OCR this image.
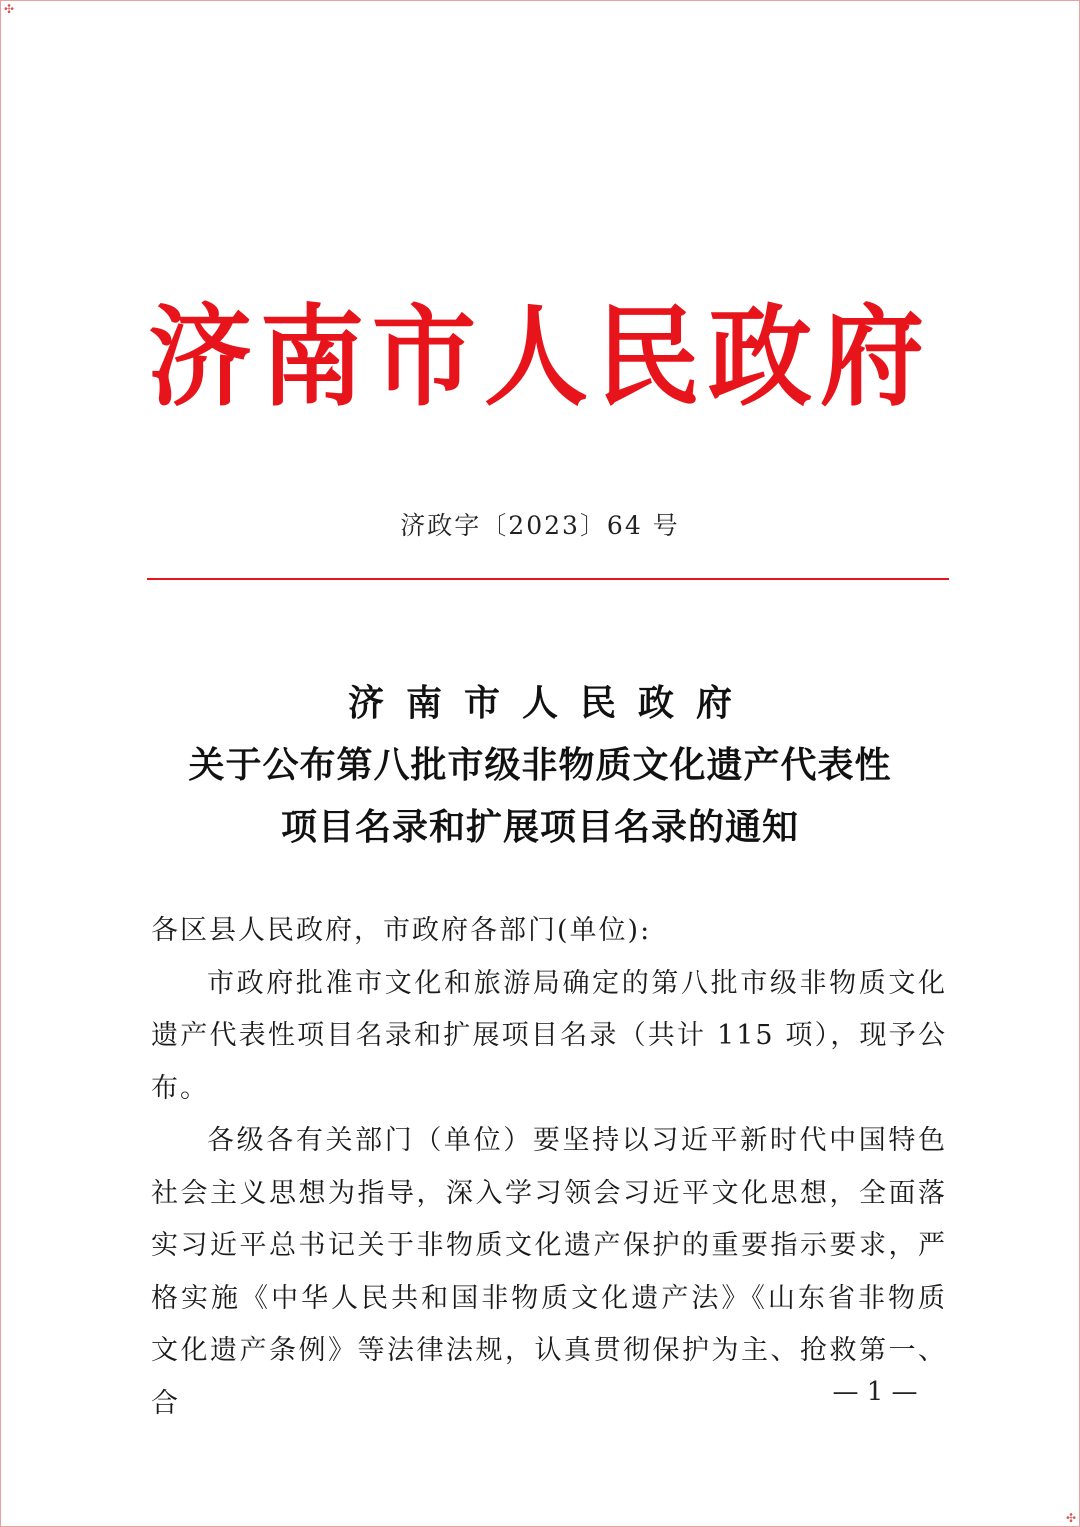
✣
✣
济南市人民政府
济政字〔2023〕64 号
济南市人民政府
关于公布第八批市级非物质文化遗产代表性
项目名录和扩展项目名录的通知

各区县人民政府，市政府各部门(单位):

市政府批准市文化和旅游局确定的第八批市级非物质文化遗产代表性项目名录和扩展项目名录（共计 115 项），现予公布。

各级各有关部门（单位）要坚持以习近平新时代中国特色社会主义思想为指导，深入学习领会习近平文化思想，全面落实习近平总书记关于非物质文化遗产保护的重要指示要求，严格实施《中华人民共和国非物质文化遗产法》《山东省非物质文化遗产条例》等法律法规，认真贯彻保护为主、抢救第一、合	— 1 —
